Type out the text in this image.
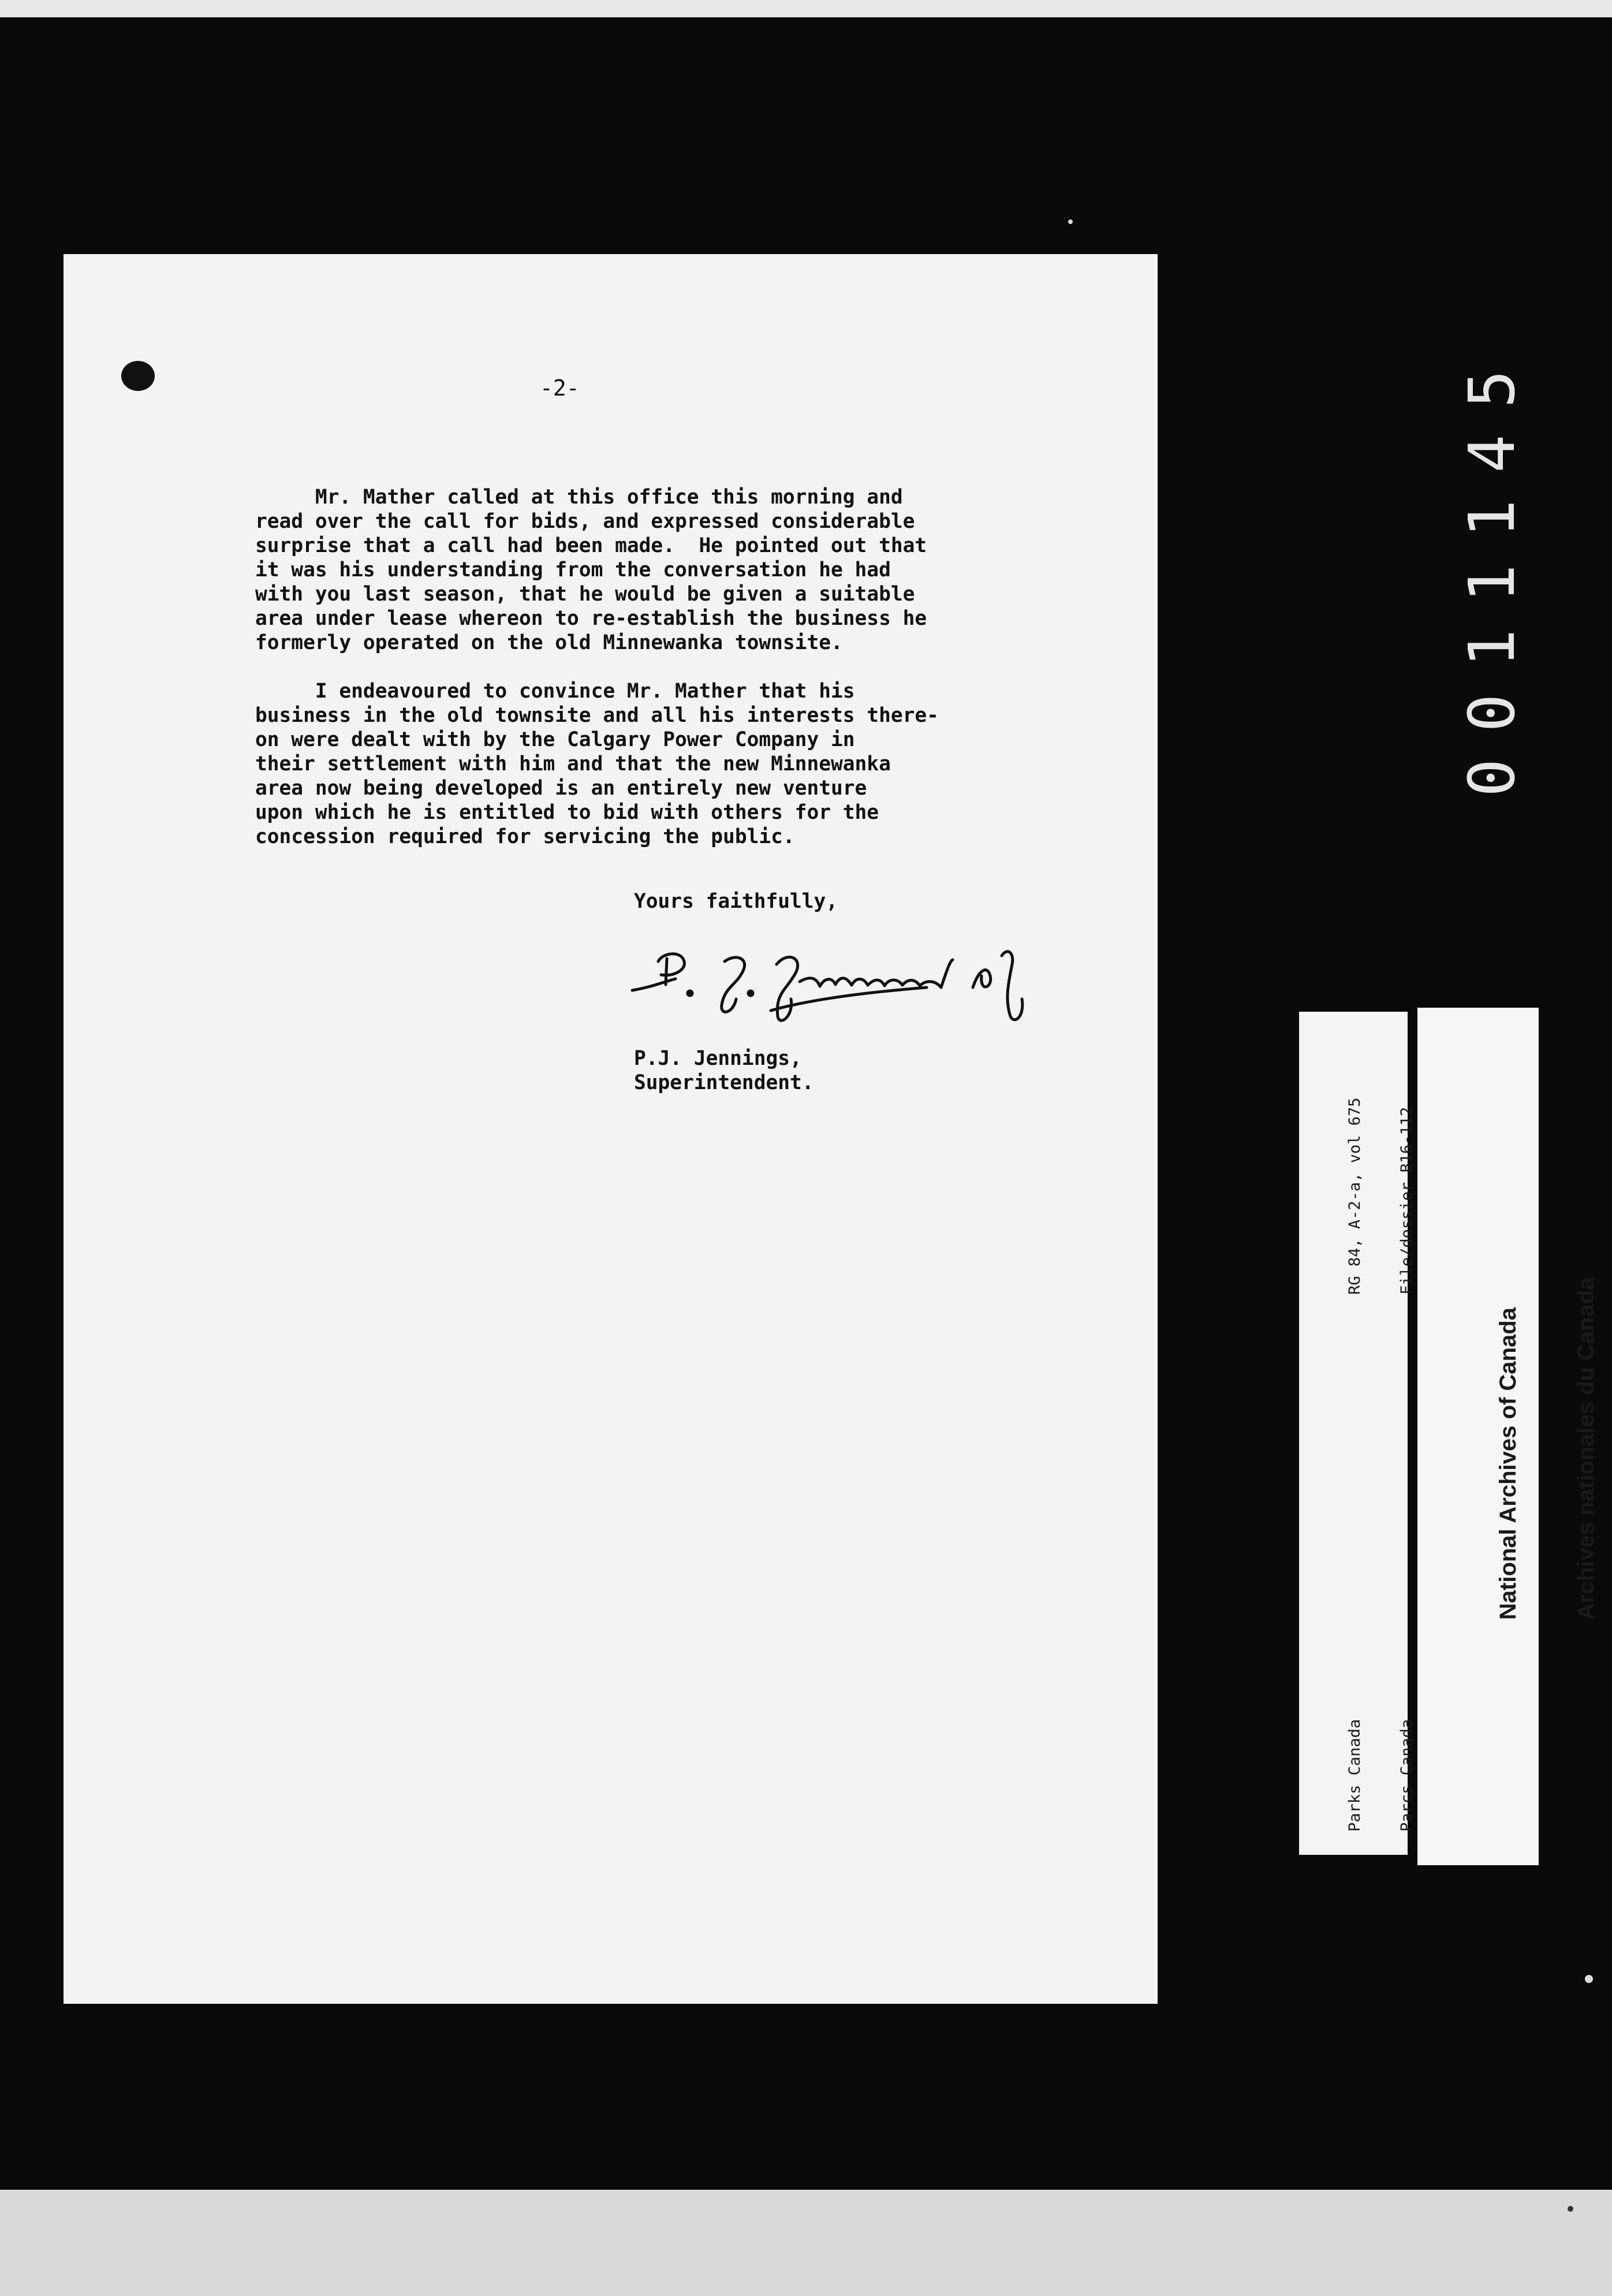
-2-
Mr. Mather called at this office this morning and
read over the call for bids, and expressed considerable
surprise that a call had been made.  He pointed out that
it was his understanding from the conversation he had
with you last season, that he would be given a suitable
area under lease whereon to re-establish the business he
formerly operated on the old Minnewanka townsite.
I endeavoured to convince Mr. Mather that his
business in the old townsite and all his interests there-
on were dealt with by the Calgary Power Company in
their settlement with him and that the new Minnewanka
area now being developed is an entirely new venture
upon which he is entitled to bid with others for the
concession required for servicing the public.
Yours faithfully,
P.J. Jennings,
Superintendent.
0011145

RG 84, A-2-a, vol 675

File/dossier B16-112

Parks Canada

Parcs Canada

National Archives of Canada

Archives nationales du Canada
